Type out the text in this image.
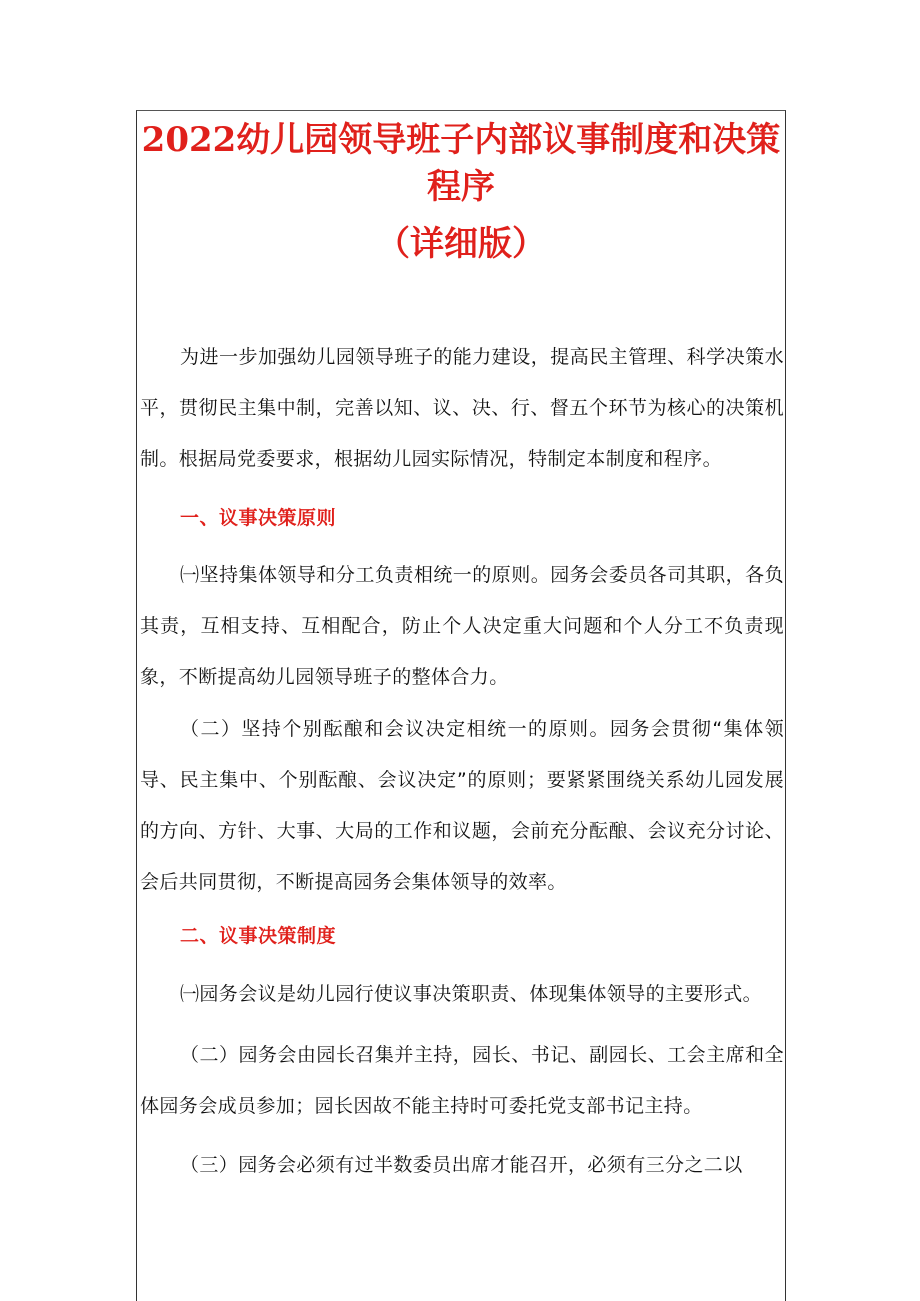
2022幼儿园领导班子内部议事制度和决策
程序
（详细版）

为进一步加强幼儿园领导班子的能力建设，提高民主管理、科学决策水平，贯彻民主集中制，完善以知、议、决、行、督五个环节为核心的决策机制。根据局党委要求，根据幼儿园实际情况，特制定本制度和程序。

一、议事决策原则

㈠坚持集体领导和分工负责相统一的原则。园务会委员各司其职，各负其责，互相支持、互相配合，防止个人决定重大问题和个人分工不负责现象，不断提高幼儿园领导班子的整体合力。

（二）坚持个别酝酿和会议决定相统一的原则。园务会贯彻“集体领导、民主集中、个别酝酿、会议决定”的原则；要紧紧围绕关系幼儿园发展的方向、方针、大事、大局的工作和议题，会前充分酝酿、会议充分讨论、会后共同贯彻，不断提高园务会集体领导的效率。

二、议事决策制度

㈠园务会议是幼儿园行使议事决策职责、体现集体领导的主要形式。

（二）园务会由园长召集并主持，园长、书记、副园长、工会主席和全体园务会成员参加；园长因故不能主持时可委托党支部书记主持。

（三）园务会必须有过半数委员出席才能召开，必须有三分之二以
